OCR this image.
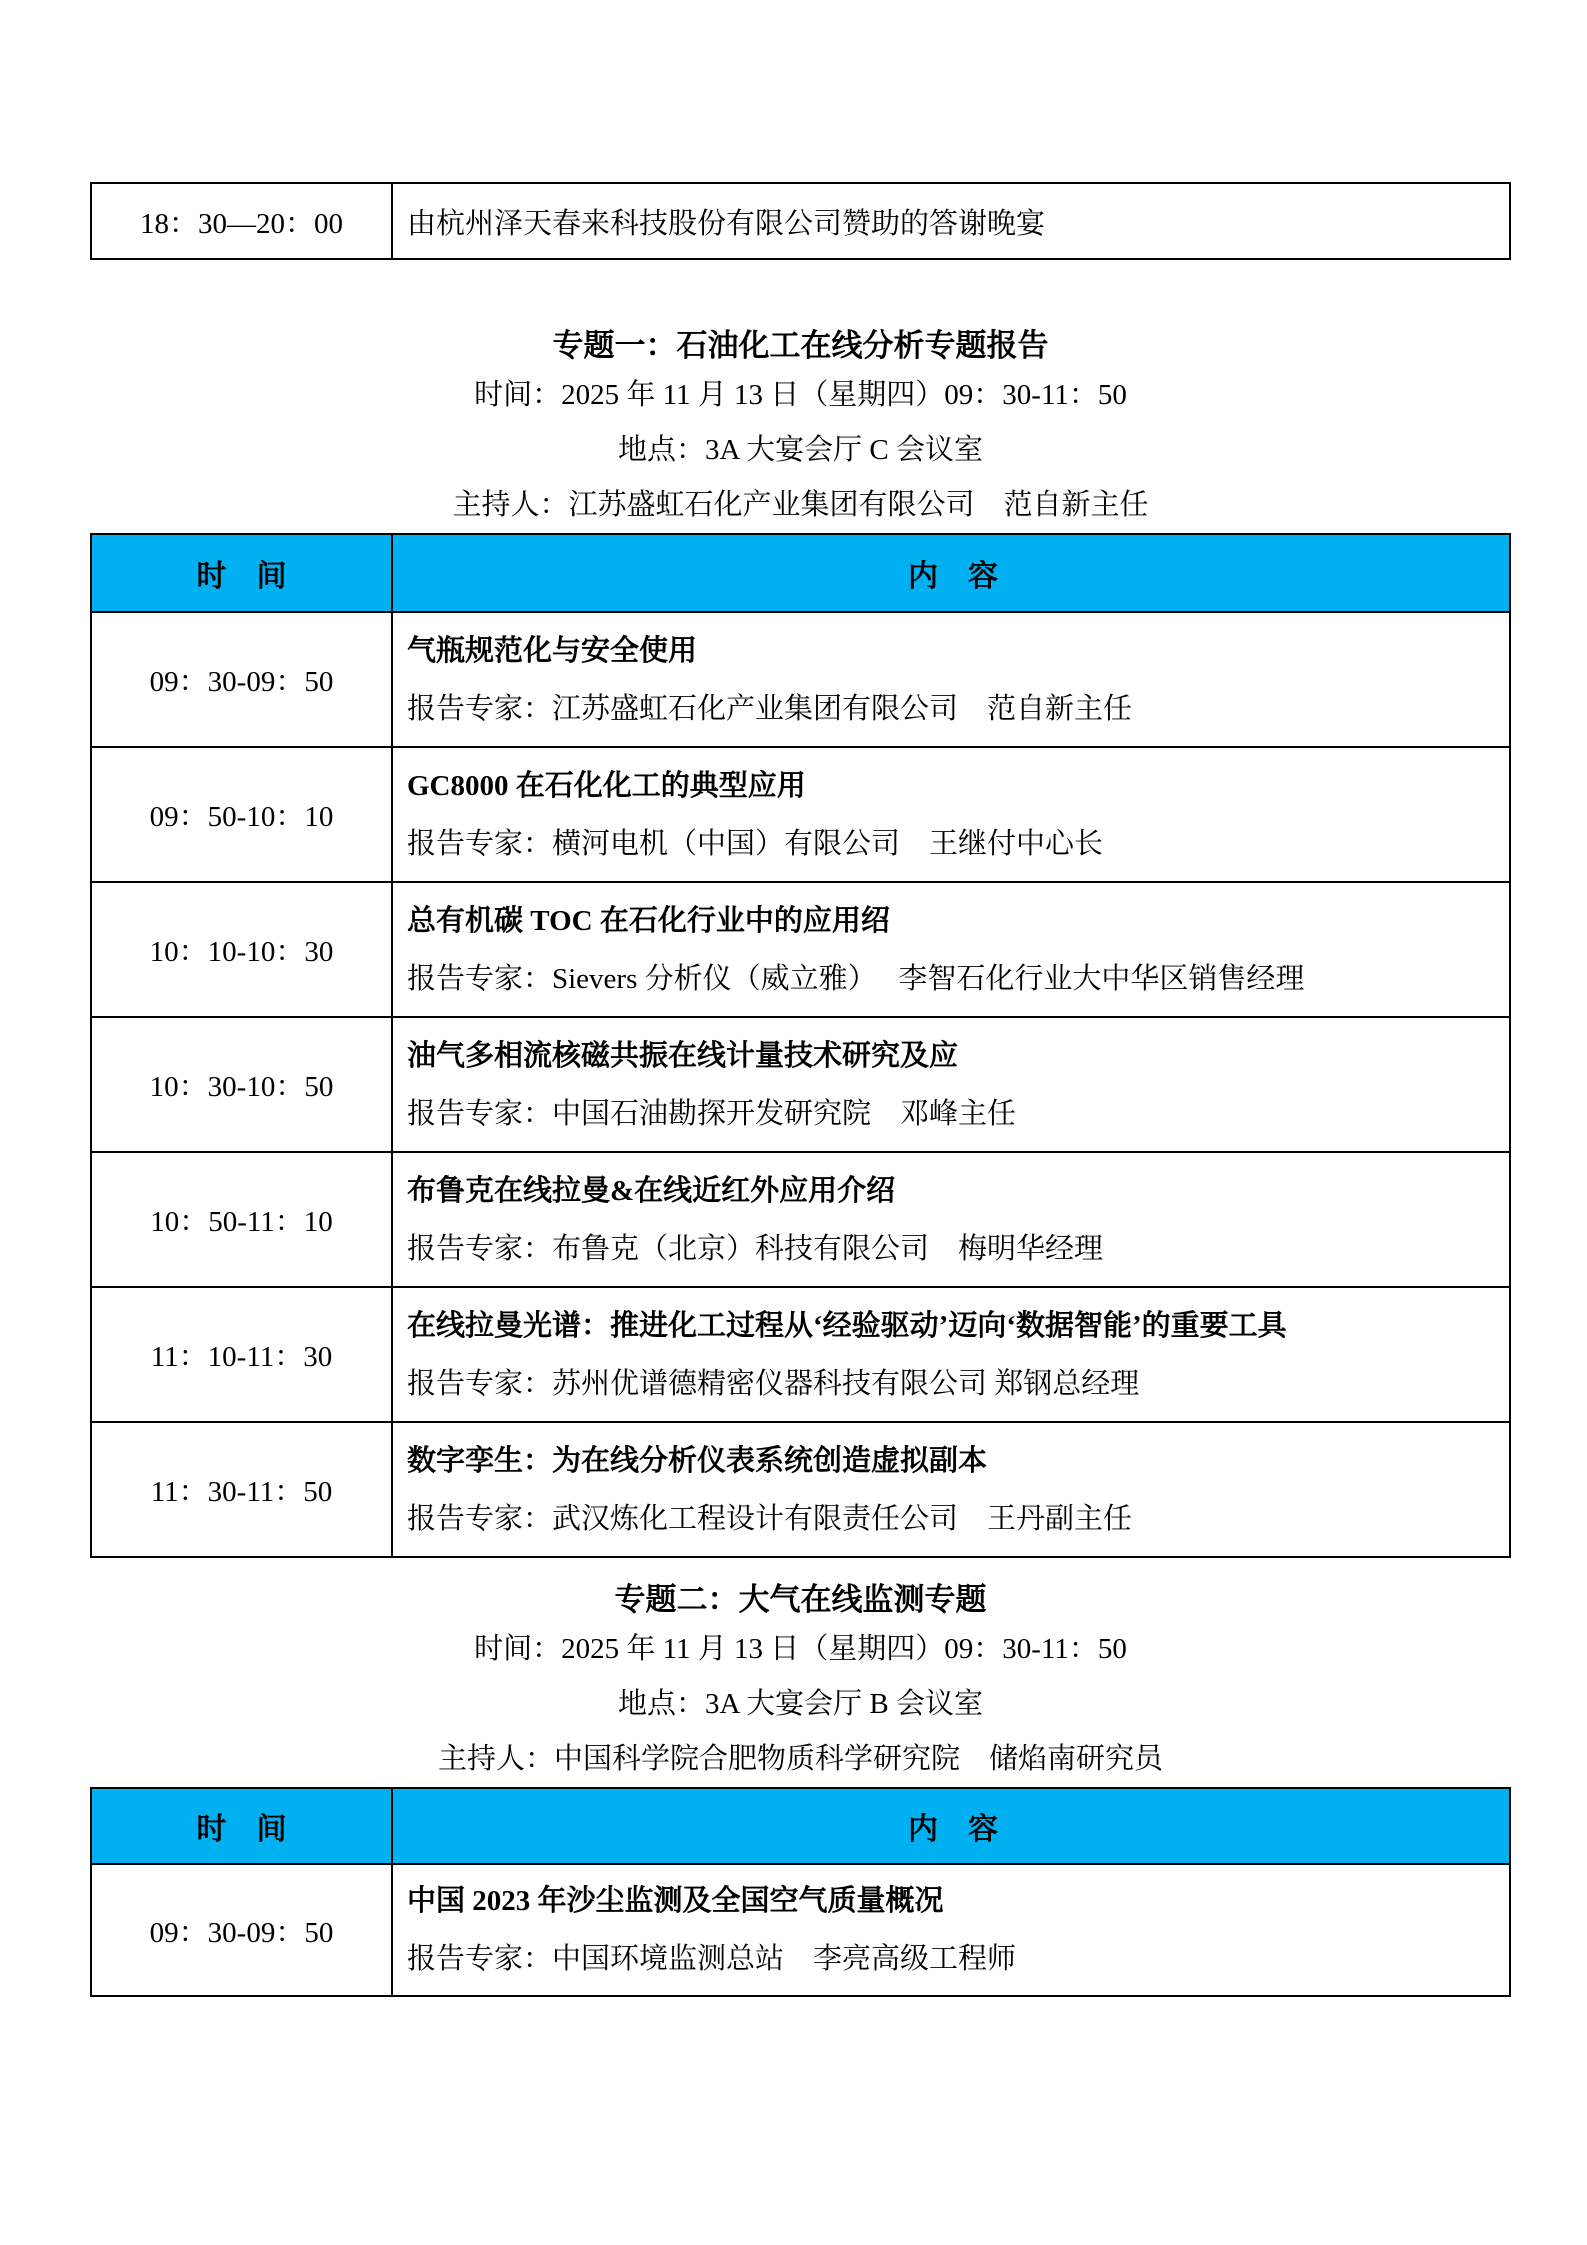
18：30—20：00 由杭州泽天春来科技股份有限公司赞助的答谢晚宴
专题一：石油化工在线分析专题报告
时间：2025 年 11 月 13 日（星期四）09：30-11：50
地点：3A 大宴会厅 C 会议室
主持人：江苏盛虹石化产业集团有限公司　范自新主任
时　间	内　容
09：30-09：50
气瓶规范化与安全使用
报告专家：江苏盛虹石化产业集团有限公司　范自新主任
09：50-10：10
GC8000 在石化化工的典型应用
报告专家：横河电机（中国）有限公司　王继付中心长
10：10-10：30
总有机碳 TOC 在石化行业中的应用绍
报告专家：Sievers 分析仪（威立雅）　 李智石化行业大中华区销售经理
10：30-10：50
油气多相流核磁共振在线计量技术研究及应
报告专家：中国石油勘探开发研究院　邓峰主任
10：50-11：10
布鲁克在线拉曼&在线近红外应用介绍
报告专家：布鲁克（北京）科技有限公司　梅明华经理
11：10-11：30
在线拉曼光谱：推进化工过程从‘经验驱动’迈向‘数据智能’的重要工具
报告专家：苏州优谱德精密仪器科技有限公司 郑钢总经理
11：30-11：50
数字孪生：为在线分析仪表系统创造虚拟副本
报告专家：武汉炼化工程设计有限责任公司　王丹副主任
专题二：大气在线监测专题
时间：2025 年 11 月 13 日（星期四）09：30-11：50
地点：3A 大宴会厅 B 会议室
主持人：中国科学院合肥物质科学研究院　储焰南研究员
时　间	内　容
09：30-09：50
中国 2023 年沙尘监测及全国空气质量概况
报告专家：中国环境监测总站　李亮高级工程师
